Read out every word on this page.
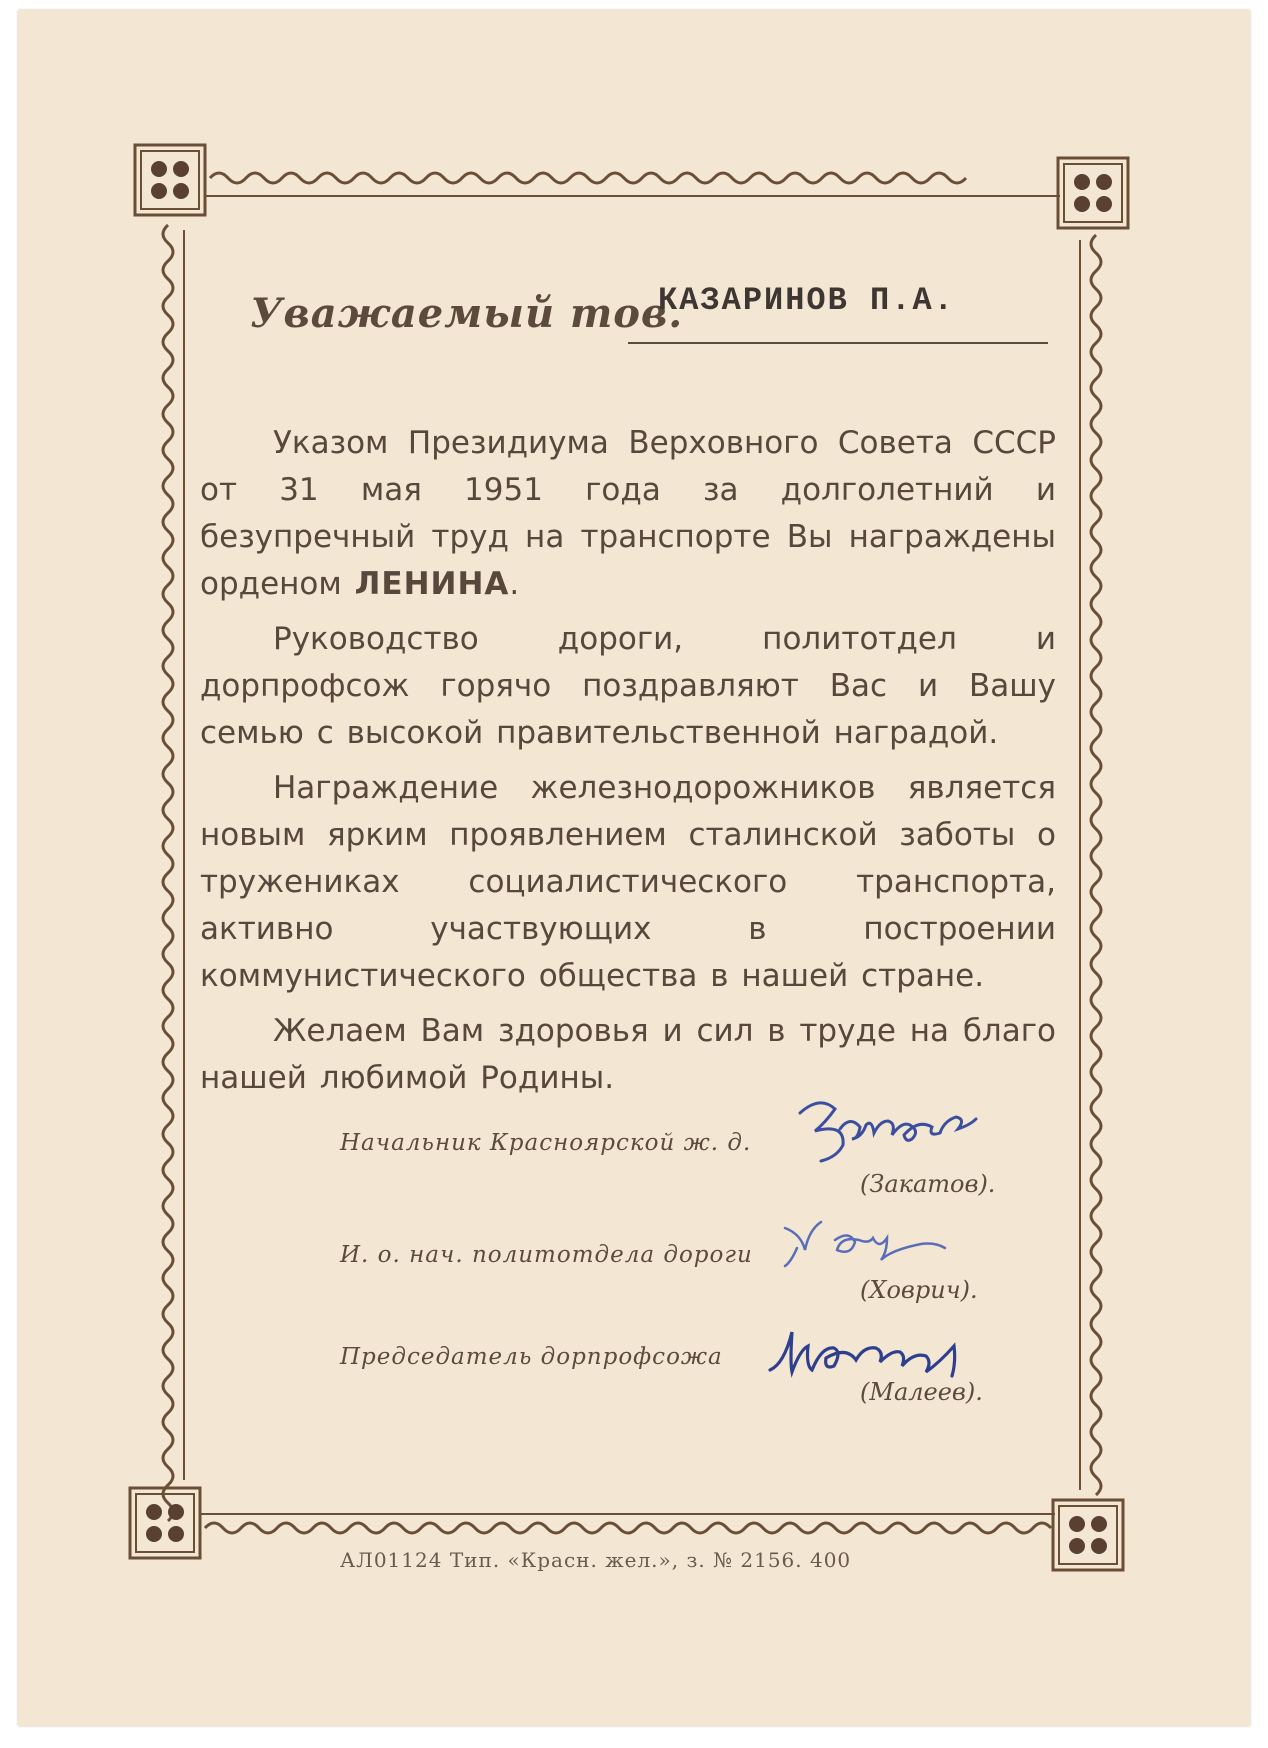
Уважаемый тов.
КАЗАРИНОВ П.А.

Указом Президиума Верховного Совета СССР от 31 мая 1951 года за долголетний и безупречный труд на транспорте Вы награждены орденом ЛЕНИНА.

Руководство дороги, политотдел и дорпрофсож горячо поздравляют Вас и Вашу семью с высокой правительственной наградой.

Награждение железнодорожников является новым ярким проявлением сталинской заботы о тружениках социалистического транспорта, активно участвующих в построении коммунистического общества в нашей стране.

Желаем Вам здоровья и сил в труде на благо нашей любимой Родины.

Начальник Красноярской ж. д.
(Закатов).
И. о. нач. политотдела дороги
(Ховрич).
Председатель дорпрофсожа
(Малеев).
АЛ01124 Тип. «Красн. жел.», з. № 2156. 400
